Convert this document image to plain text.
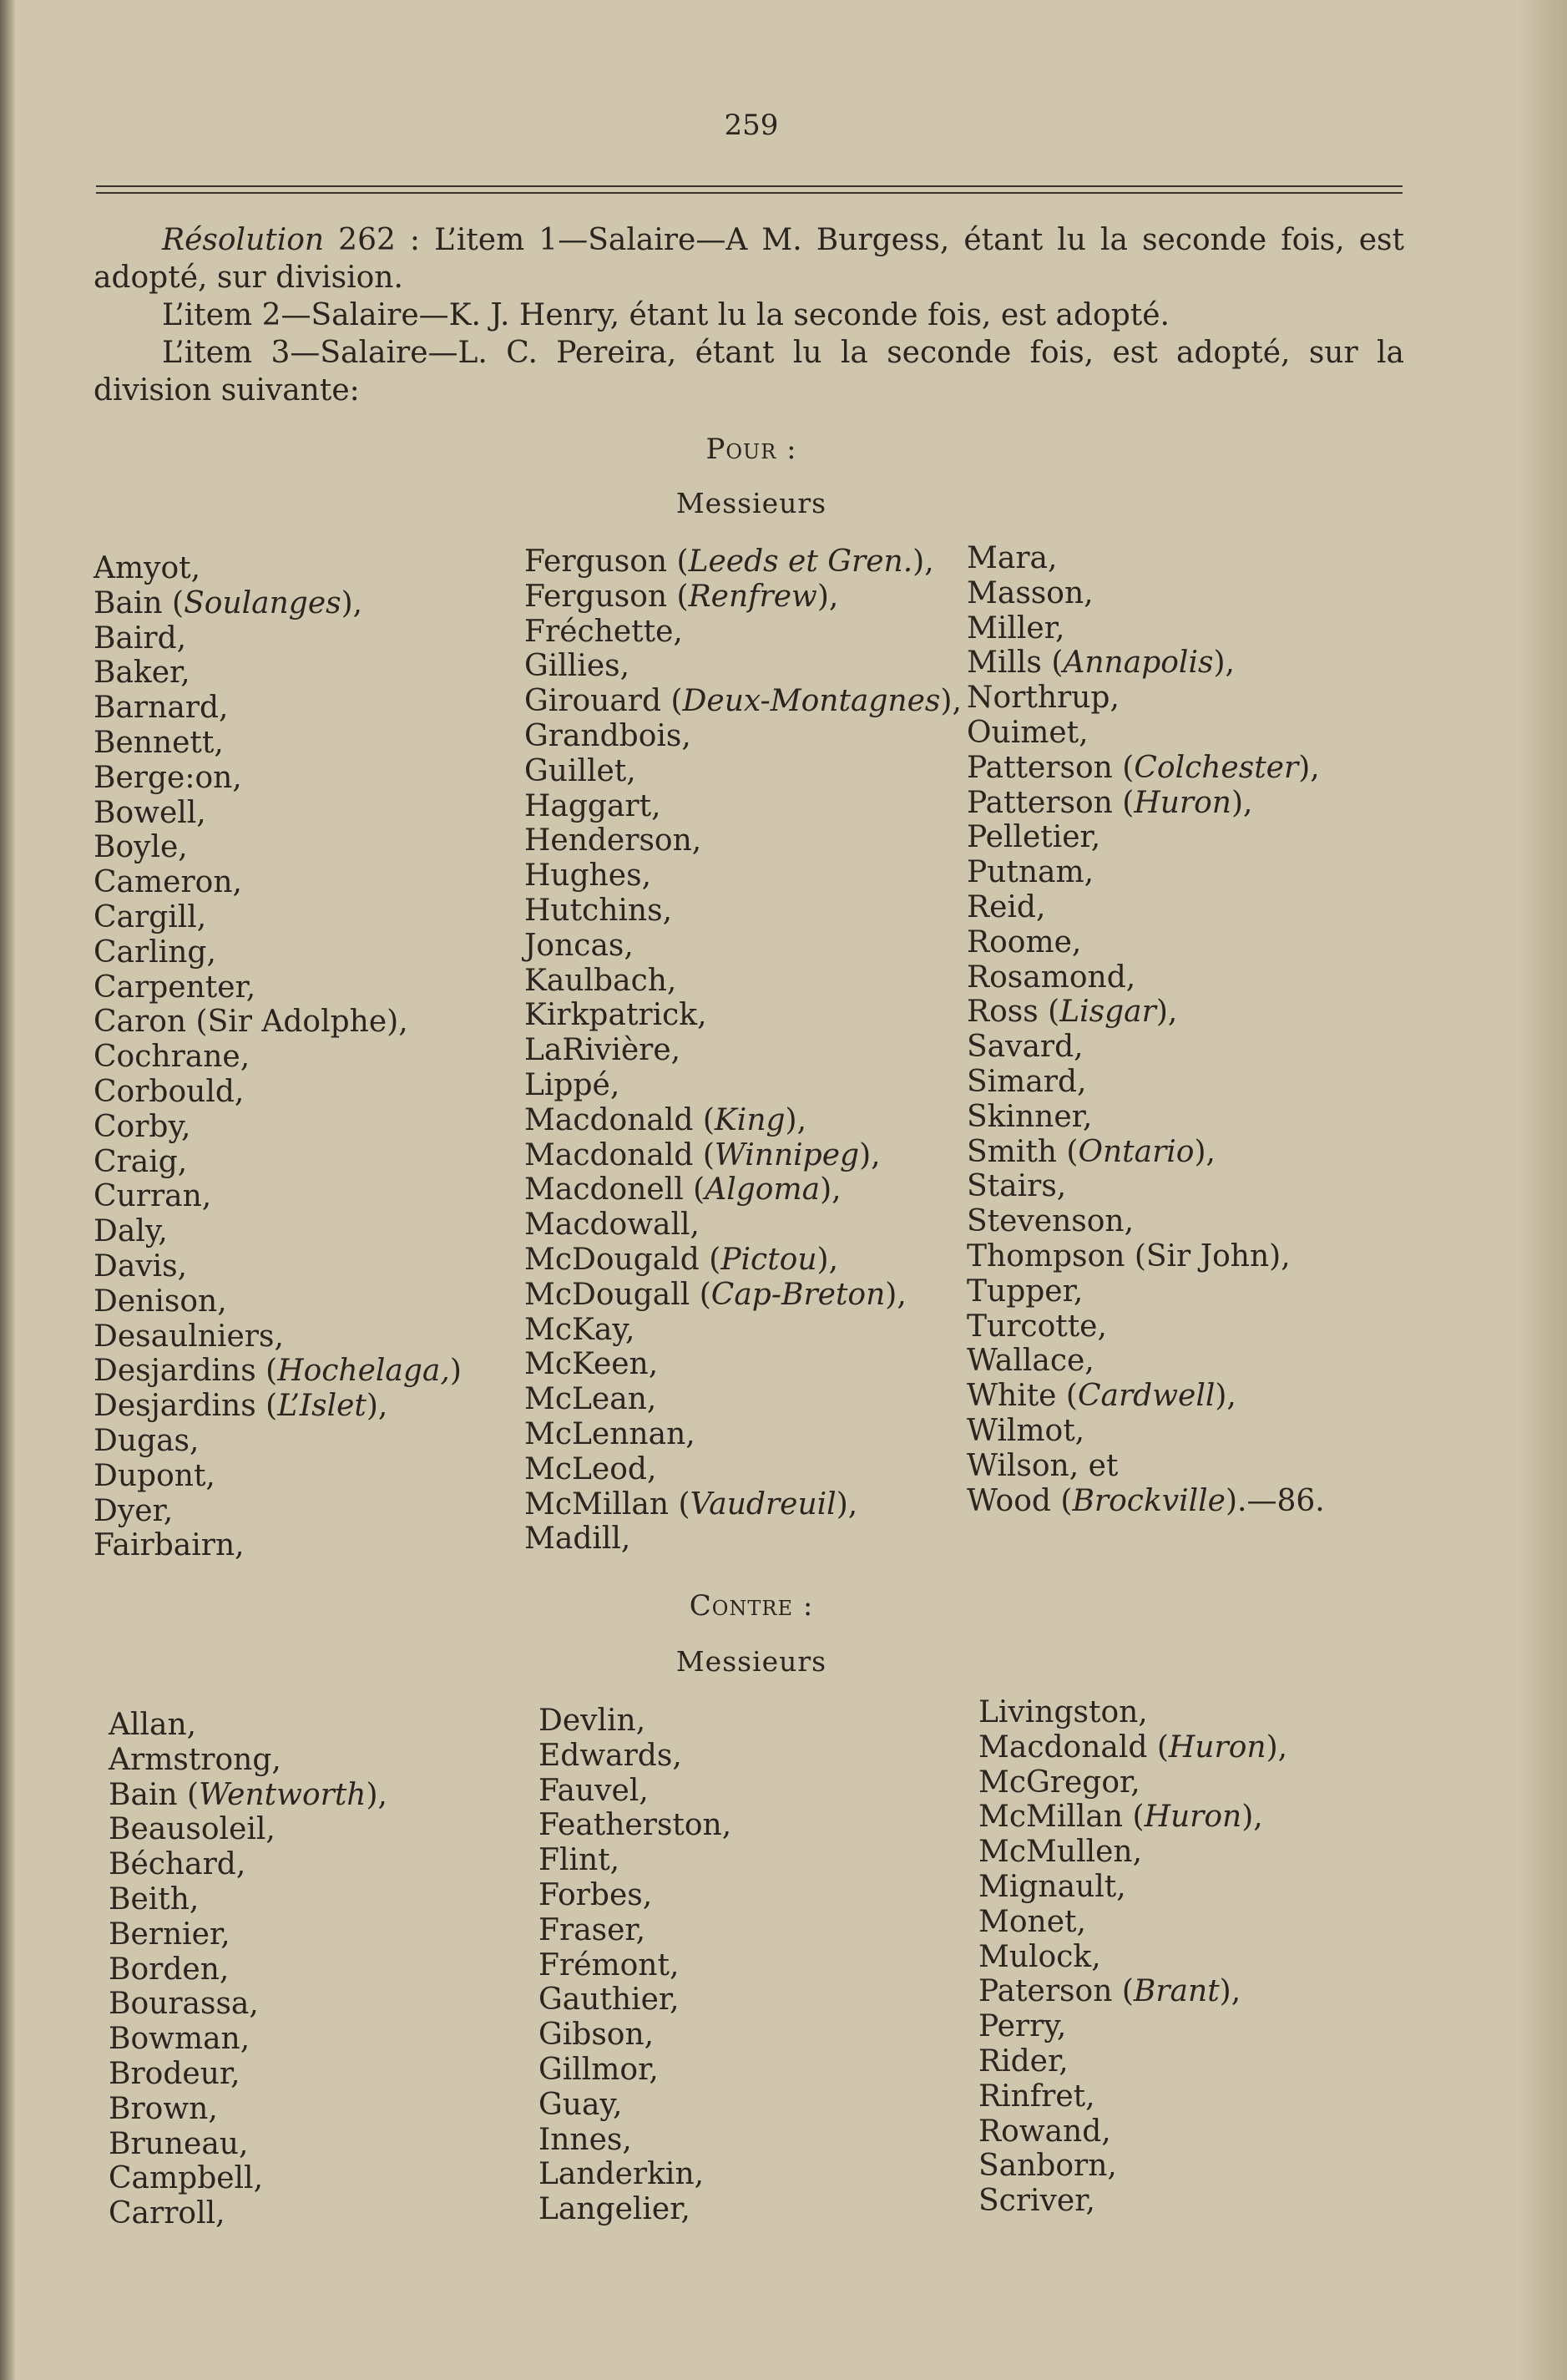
259

Résolution 262 : L’item 1—Salaire—A M. Burgess, étant lu la seconde fois, est adopté, sur division.

L’item 2—Salaire—K. J. Henry, étant lu la seconde fois, est adopté.

L’item 3—Salaire—L. C. Pereira, étant lu la seconde fois, est adopté, sur la division suivante:

Pour :
Messieurs
Amyot,
Bain (Soulanges),
Baird,
Baker,
Barnard,
Bennett,
Berge:on,
Bowell,
Boyle,
Cameron,
Cargill,
Carling,
Carpenter,
Caron (Sir Adolphe),
Cochrane,
Corbould,
Corby,
Craig,
Curran,
Daly,
Davis,
Denison,
Desaulniers,
Desjardins (Hochelaga,)
Desjardins (L’Islet),
Dugas,
Dupont,
Dyer,
Fairbairn,
Ferguson (Leeds et Gren.),
Ferguson (Renfrew),
Fréchette,
Gillies,
Girouard (Deux-Montagnes),
Grandbois,
Guillet,
Haggart,
Henderson,
Hughes,
Hutchins,
Joncas,
Kaulbach,
Kirkpatrick,
LaRivière,
Lippé,
Macdonald (King),
Macdonald (Winnipeg),
Macdonell (Algoma),
Macdowall,
McDougald (Pictou),
McDougall (Cap-Breton),
McKay,
McKeen,
McLean,
McLennan,
McLeod,
McMillan (Vaudreuil),
Madill,
Mara,
Masson,
Miller,
Mills (Annapolis),
Northrup,
Ouimet,
Patterson (Colchester),
Patterson (Huron),
Pelletier,
Putnam,
Reid,
Roome,
Rosamond,
Ross (Lisgar),
Savard,
Simard,
Skinner,
Smith (Ontario),
Stairs,
Stevenson,
Thompson (Sir John),
Tupper,
Turcotte,
Wallace,
White (Cardwell),
Wilmot,
Wilson, et
Wood (Brockville).—86.
Contre :
Messieurs
Allan,
Armstrong,
Bain (Wentworth),
Beausoleil,
Béchard,
Beith,
Bernier,
Borden,
Bourassa,
Bowman,
Brodeur,
Brown,
Bruneau,
Campbell,
Carroll,
Devlin,
Edwards,
Fauvel,
Featherston,
Flint,
Forbes,
Fraser,
Frémont,
Gauthier,
Gibson,
Gillmor,
Guay,
Innes,
Landerkin,
Langelier,
Livingston,
Macdonald (Huron),
McGregor,
McMillan (Huron),
McMullen,
Mignault,
Monet,
Mulock,
Paterson (Brant),
Perry,
Rider,
Rinfret,
Rowand,
Sanborn,
Scriver,
